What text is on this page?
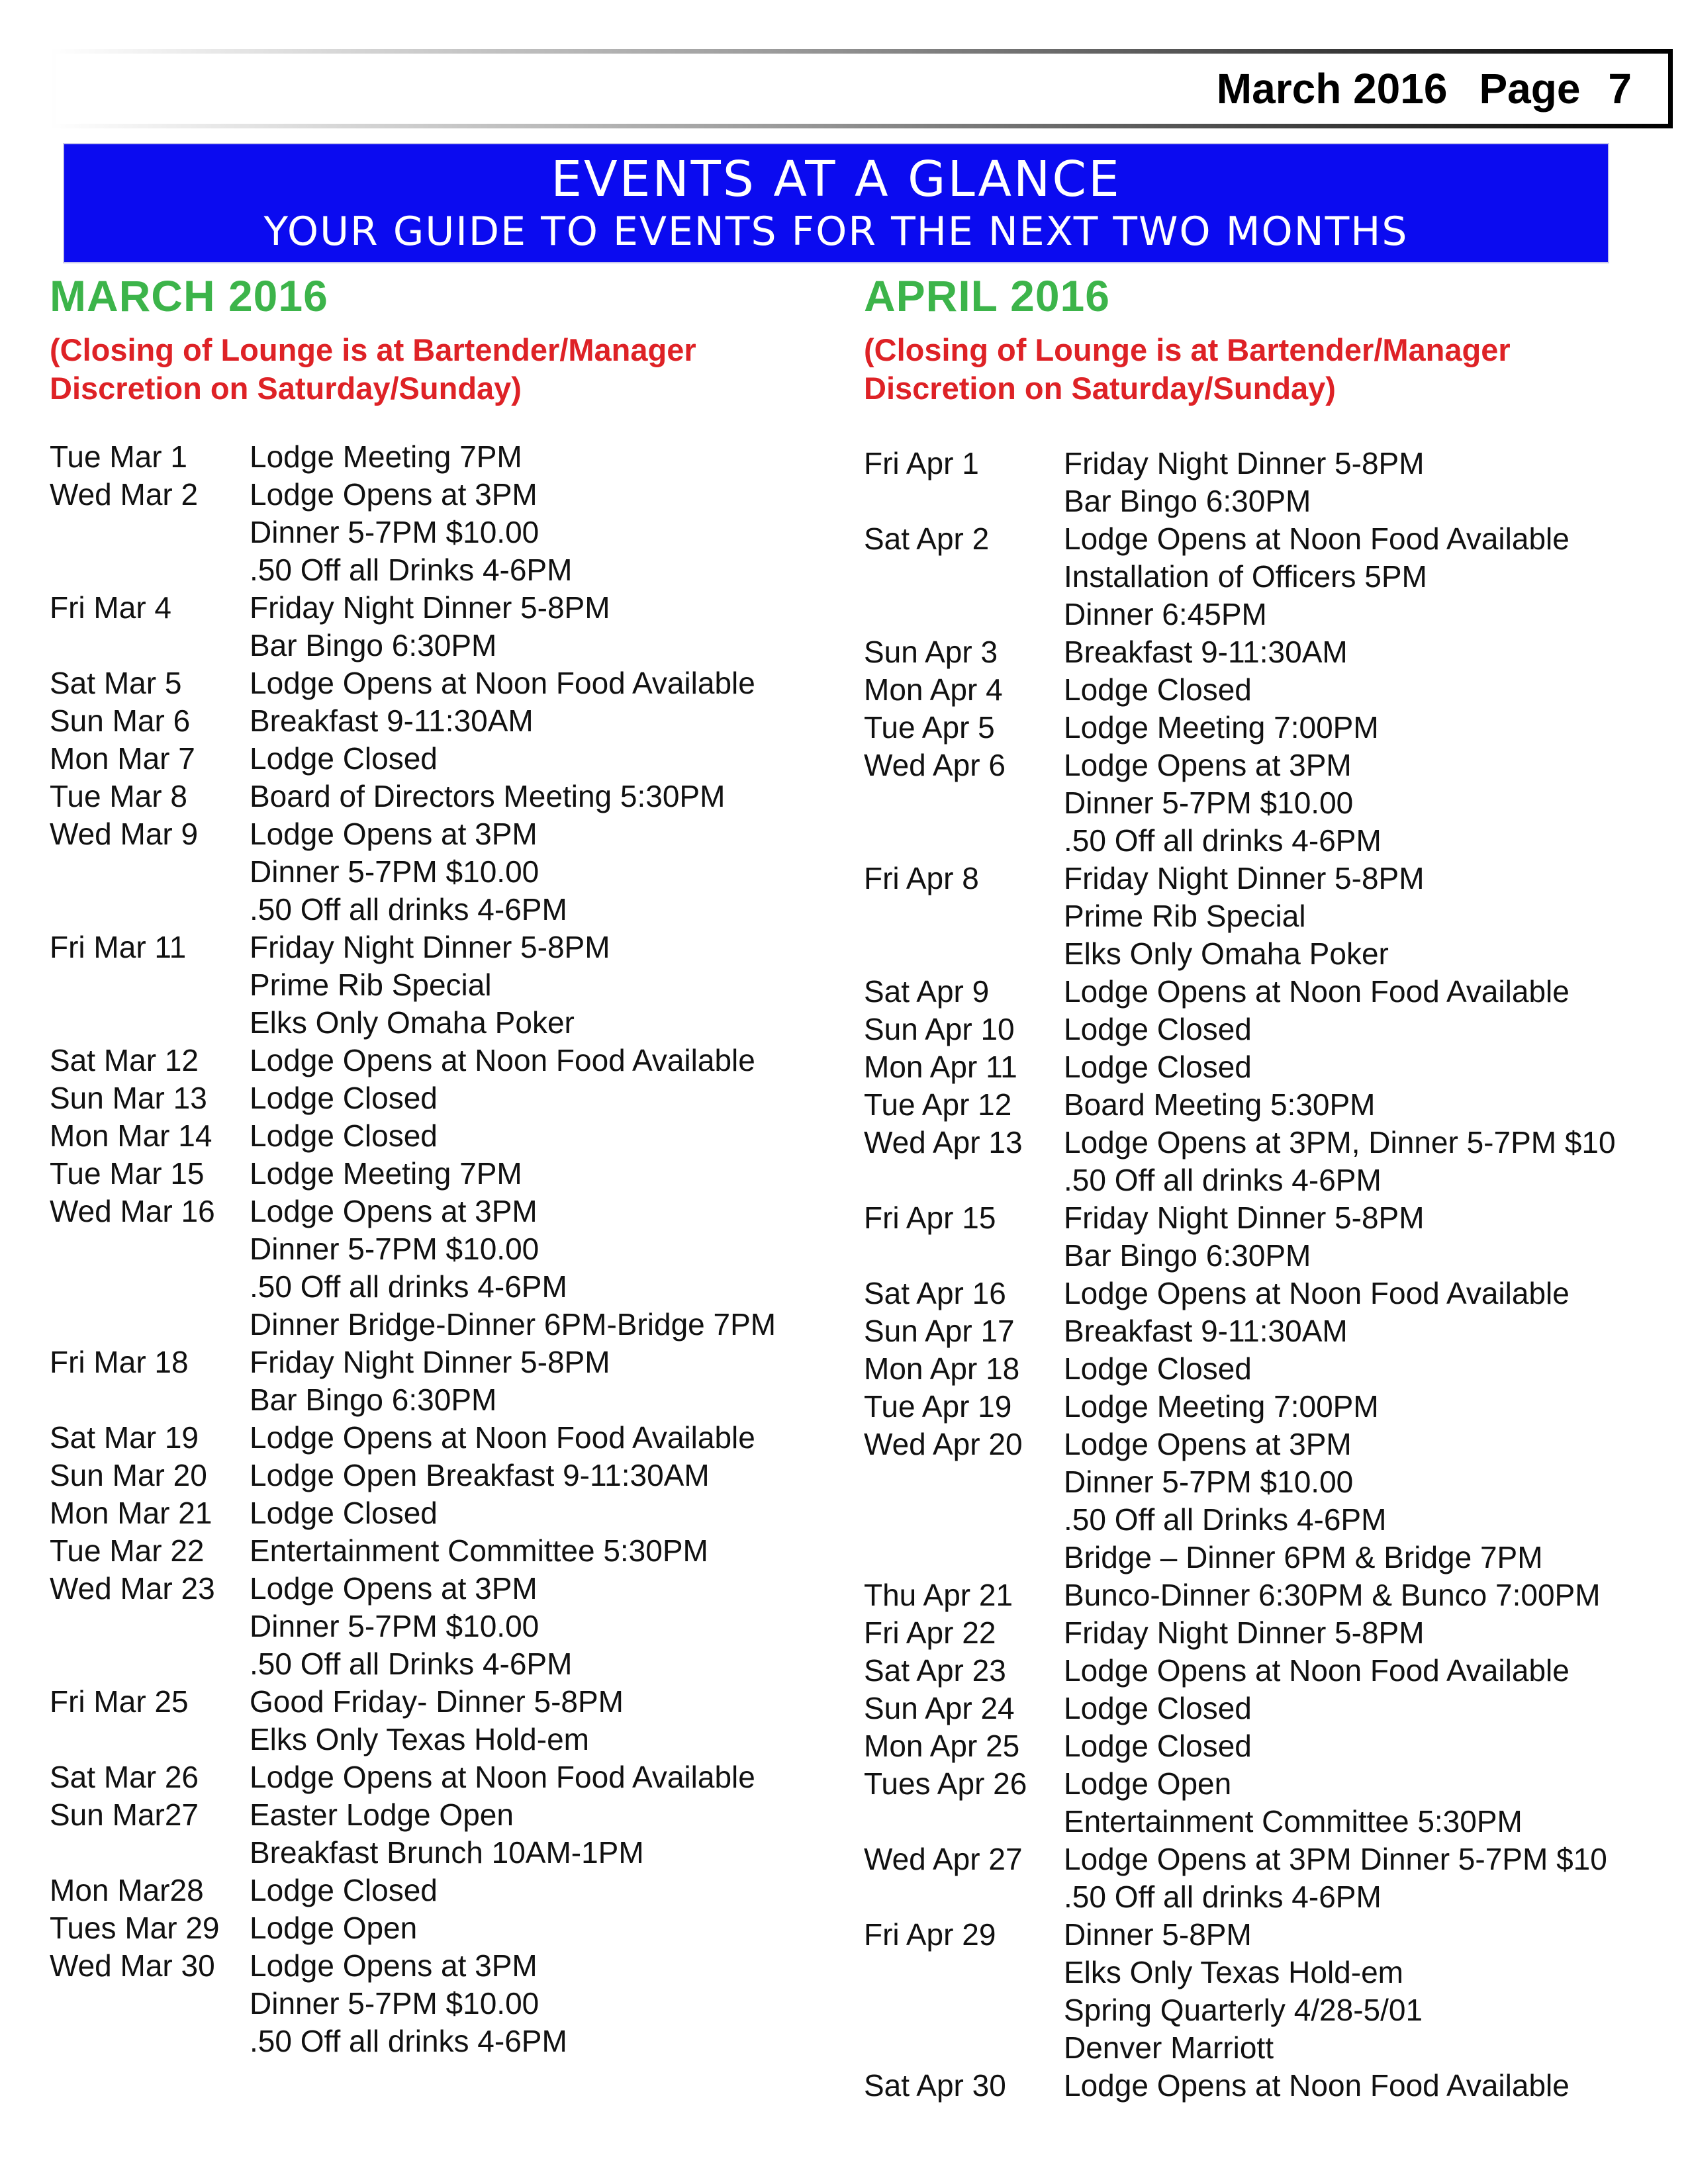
March 2016 Page 7
EVENTS AT A GLANCE
YOUR GUIDE TO EVENTS FOR THE NEXT TWO MONTHS
MARCH 2016
(Closing of Lounge is at Bartender/Manager
Discretion on Saturday/Sunday)
Tue Mar 1	Lodge Meeting 7PM
Wed Mar 2	Lodge Opens at 3PM
Dinner 5-7PM $10.00
.50 Off all Drinks 4-6PM
Fri Mar 4	Friday Night Dinner 5-8PM
Bar Bingo 6:30PM
Sat Mar 5	Lodge Opens at Noon Food Available
Sun Mar 6	Breakfast 9-11:30AM
Mon Mar 7	Lodge Closed
Tue Mar 8	Board of Directors Meeting 5:30PM
Wed Mar 9	Lodge Opens at 3PM
Dinner 5-7PM $10.00
.50 Off all drinks 4-6PM
Fri Mar 11	Friday Night Dinner 5-8PM
Prime Rib Special
Elks Only Omaha Poker
Sat Mar 12	Lodge Opens at Noon Food Available
Sun Mar 13	Lodge Closed
Mon Mar 14	Lodge Closed
Tue Mar 15	Lodge Meeting 7PM
Wed Mar 16	Lodge Opens at 3PM
Dinner 5-7PM $10.00
.50 Off all drinks 4-6PM
Dinner Bridge-Dinner 6PM-Bridge 7PM
Fri Mar 18	Friday Night Dinner 5-8PM
Bar Bingo 6:30PM
Sat Mar 19	Lodge Opens at Noon Food Available
Sun Mar 20	Lodge Open Breakfast 9-11:30AM
Mon Mar 21	Lodge Closed
Tue Mar 22	Entertainment Committee 5:30PM
Wed Mar 23	Lodge Opens at 3PM
Dinner 5-7PM $10.00
.50 Off all Drinks 4-6PM
Fri Mar 25	Good Friday- Dinner 5-8PM
Elks Only Texas Hold-em
Sat Mar 26	Lodge Opens at Noon Food Available
Sun Mar27	Easter Lodge Open
Breakfast Brunch 10AM-1PM
Mon Mar28	Lodge Closed
Tues Mar 29 Lodge Open
Wed Mar 30	Lodge Opens at 3PM
Dinner 5-7PM $10.00
.50 Off all drinks 4-6PM
APRIL 2016
(Closing of Lounge is at Bartender/Manager
Discretion on Saturday/Sunday)
Fri Apr 1	Friday Night Dinner 5-8PM
Bar Bingo 6:30PM
Sat Apr 2	Lodge Opens at Noon Food Available
Installation of Officers 5PM
Dinner 6:45PM
Sun Apr 3	Breakfast 9-11:30AM
Mon Apr 4	Lodge Closed
Tue Apr 5	Lodge Meeting 7:00PM
Wed Apr 6	Lodge Opens at 3PM
Dinner 5-7PM $10.00
.50 Off all drinks 4-6PM
Fri Apr 8	Friday Night Dinner 5-8PM
Prime Rib Special
Elks Only Omaha Poker
Sat Apr 9	Lodge Opens at Noon Food Available
Sun Apr 10	Lodge Closed
Mon Apr 11	Lodge Closed
Tue Apr 12	Board Meeting 5:30PM
Wed Apr 13	Lodge Opens at 3PM, Dinner 5-7PM $10
.50 Off all drinks 4-6PM
Fri Apr 15	Friday Night Dinner 5-8PM
Bar Bingo 6:30PM
Sat Apr 16	Lodge Opens at Noon Food Available
Sun Apr 17	Breakfast 9-11:30AM
Mon Apr 18	Lodge Closed
Tue Apr 19	Lodge Meeting 7:00PM
Wed Apr 20	Lodge Opens at 3PM
Dinner 5-7PM $10.00
.50 Off all Drinks 4-6PM
Bridge – Dinner 6PM & Bridge 7PM
Thu Apr 21	Bunco-Dinner 6:30PM & Bunco 7:00PM
Fri Apr 22	Friday Night Dinner 5-8PM
Sat Apr 23	Lodge Opens at Noon Food Available
Sun Apr 24	Lodge Closed
Mon Apr 25	Lodge Closed
Tues Apr 26	Lodge Open
Entertainment Committee 5:30PM
Wed Apr 27	Lodge Opens at 3PM Dinner 5-7PM $10
.50 Off all drinks 4-6PM
Fri Apr 29	Dinner 5-8PM
Elks Only Texas Hold-em
Spring Quarterly 4/28-5/01
Denver Marriott
Sat Apr 30	Lodge Opens at Noon Food Available
